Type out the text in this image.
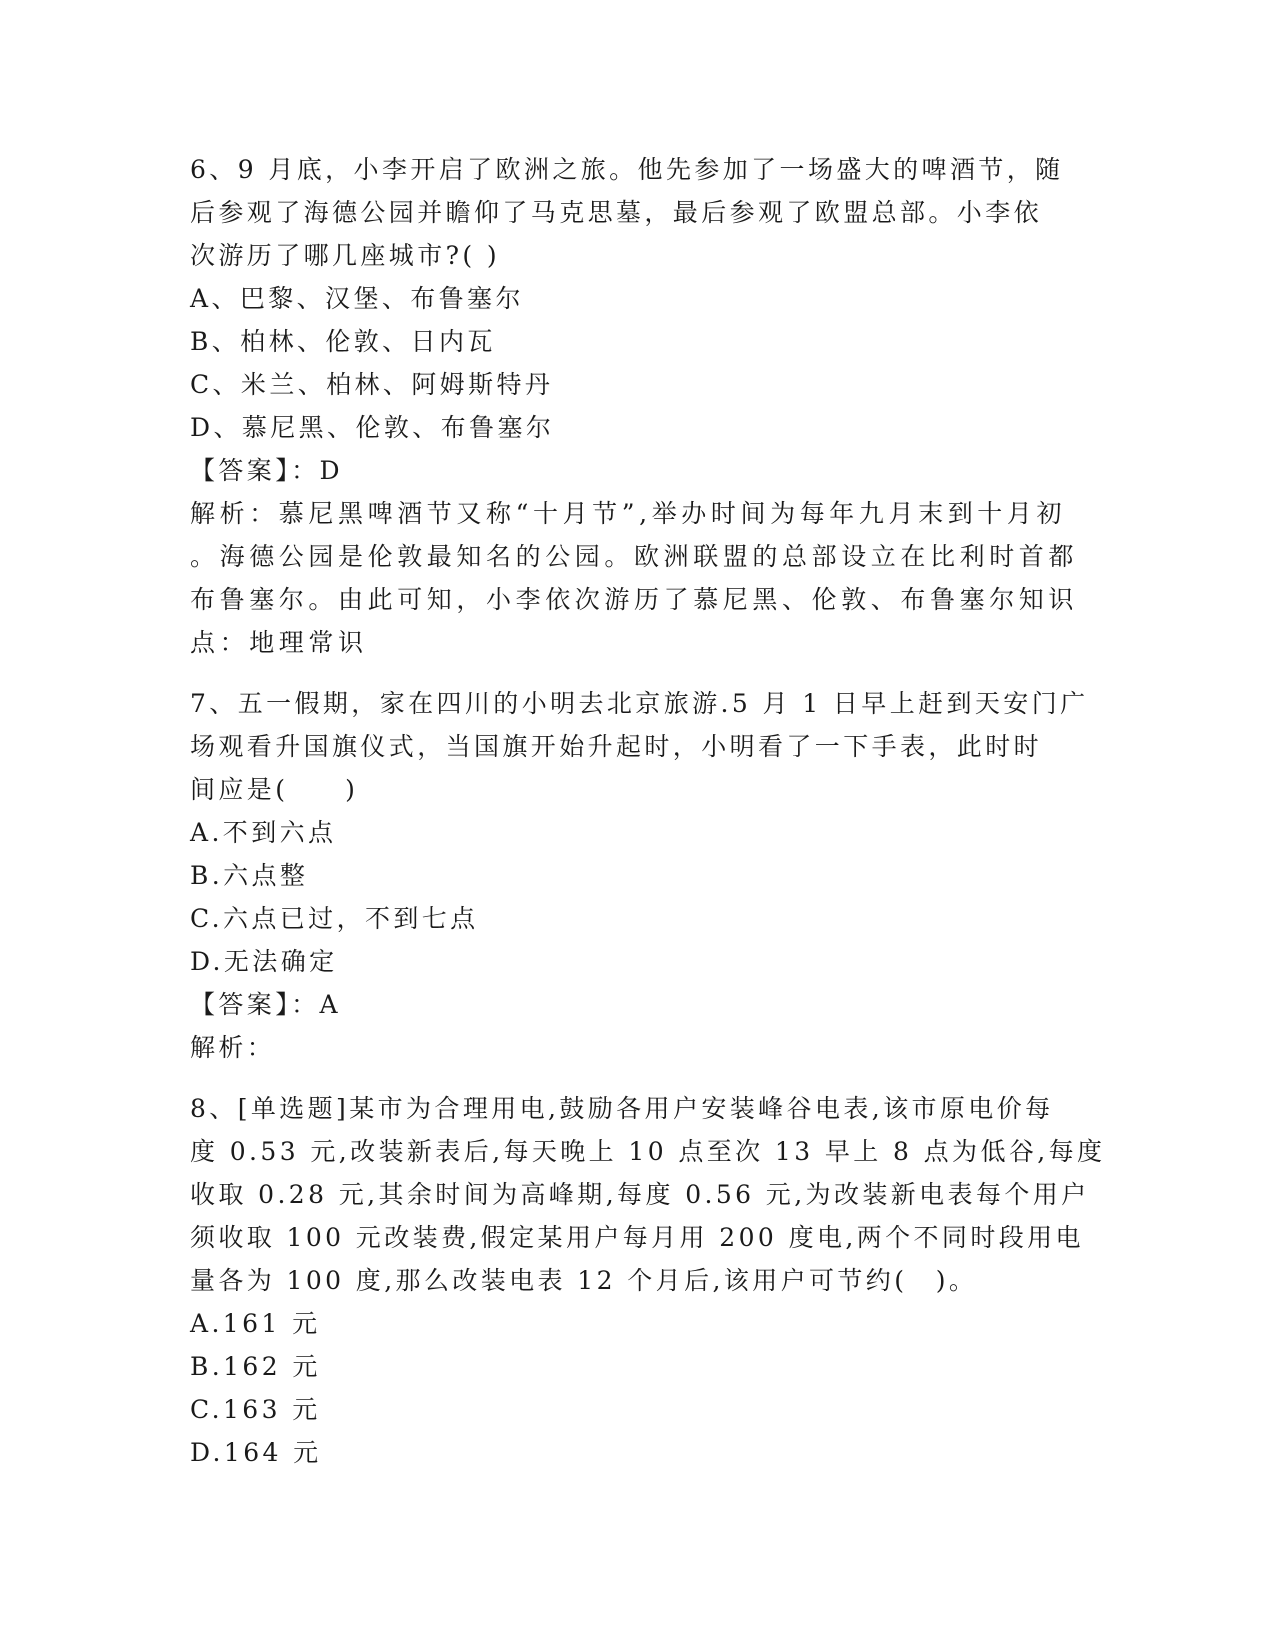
6、9 月底，小李开启了欧洲之旅。他先参加了一场盛大的啤酒节，随
后参观了海德公园并瞻仰了马克思墓，最后参观了欧盟总部。小李依
次游历了哪几座城市?( )
A、巴黎、汉堡、布鲁塞尔
B、柏林、伦敦、日内瓦
C、米兰、柏林、阿姆斯特丹
D、慕尼黑、伦敦、布鲁塞尔
【答案】：D
解析：慕尼黑啤酒节又称“十月节”,举办时间为每年九月末到十月初
。海德公园是伦敦最知名的公园。欧洲联盟的总部设立在比利时首都
布鲁塞尔。由此可知，小李依次游历了慕尼黑、伦敦、布鲁塞尔知识
点：地理常识
7、五一假期，家在四川的小明去北京旅游.5 月 1 日早上赶到天安门广
场观看升国旗仪式，当国旗开始升起时，小明看了一下手表，此时时
间应是(　　)
A.不到六点
B.六点整
C.六点已过，不到七点
D.无法确定
【答案】：A
解析：
8、[单选题]某市为合理用电,鼓励各用户安装峰谷电表,该市原电价每
度 0.53 元,改装新表后,每天晚上 10 点至次 13 早上 8 点为低谷,每度
收取 0.28 元,其余时间为高峰期,每度 0.56 元,为改装新电表每个用户
须收取 100 元改装费,假定某用户每月用 200 度电,两个不同时段用电
量各为 100 度,那么改装电表 12 个月后,该用户可节约(　)。
A.161 元
B.162 元
C.163 元
D.164 元
